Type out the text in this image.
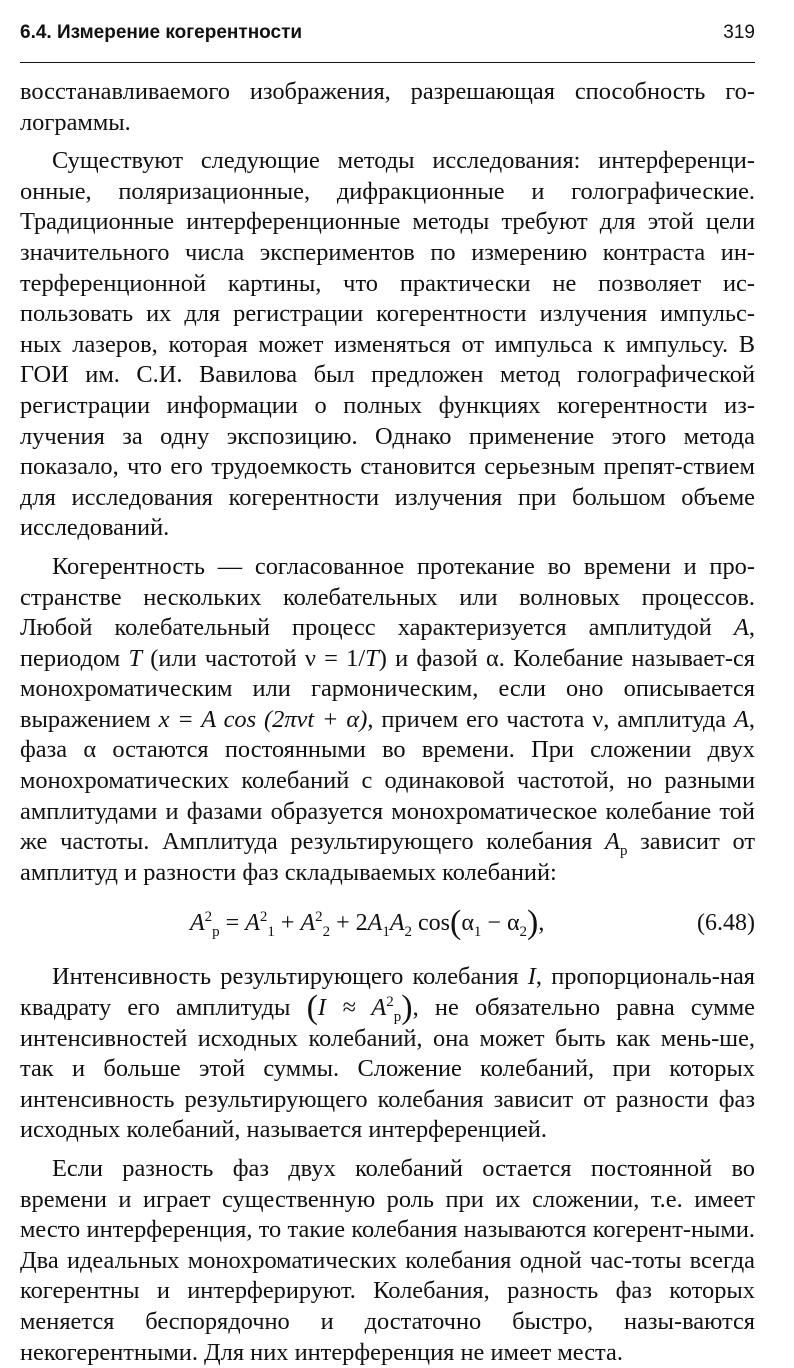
6.4. Измерение когерентности	319

восстанавливаемого изображения, разрешающая способность го-лограммы.

Существуют следующие методы исследования: интерференци-онные, поляризационные, дифракционные и голографические. Традиционные интерференционные методы требуют для этой цели значительного числа экспериментов по измерению контраста ин-терференционной картины, что практически не позволяет ис-пользовать их для регистрации когерентности излучения импульс-ных лазеров, которая может изменяться от импульса к импульсу. В ГОИ им. С.И. Вавилова был предложен метод голографической регистрации информации о полных функциях когерентности из-лучения за одну экспозицию. Однако применение этого метода показало, что его трудоемкость становится серьезным препят-ствием для исследования когерентности излучения при большом объеме исследований.

Когерентность — согласованное протекание во времени и про-странстве нескольких колебательных или волновых процессов. Любой колебательный процесс характеризуется амплитудой A, периодом T (или частотой ν = 1/T) и фазой α. Колебание называет-ся монохроматическим или гармоническим, если оно описывается выражением x = A cos (2πνt + α), причем его частота ν, амплитуда A, фаза α остаются постоянными во времени. При сложении двух монохроматических колебаний с одинаковой частотой, но разными амплитудами и фазами образуется монохроматическое колебание той же частоты. Амплитуда результирующего колебания $A_р$ зависит от амплитуд и разности фаз складываемых колебаний:

$A^2_р = A^2_1 + A^2_2 + 2A_1A_2$ $\cos(\alpha_1 - \alpha_2)$,	(6.48)

Интенсивность результирующего колебания I, пропорциональ-ная квадрату его амплитуды $(I \approx A^2_р)$, не обязательно равна сумме интенсивностей исходных колебаний, она может быть как мень-ше, так и больше этой суммы. Сложение колебаний, при которых интенсивность результирующего колебания зависит от разности фаз исходных колебаний, называется интерференцией.

Если разность фаз двух колебаний остается постоянной во времени и играет существенную роль при их сложении, т.е. имеет место интерференция, то такие колебания называются когерент-ными. Два идеальных монохроматических колебания одной час-тоты всегда когерентны и интерферируют. Колебания, разность фаз которых меняется беспорядочно и достаточно быстро, назы-ваются некогерентными. Для них интерференция не имеет места.
